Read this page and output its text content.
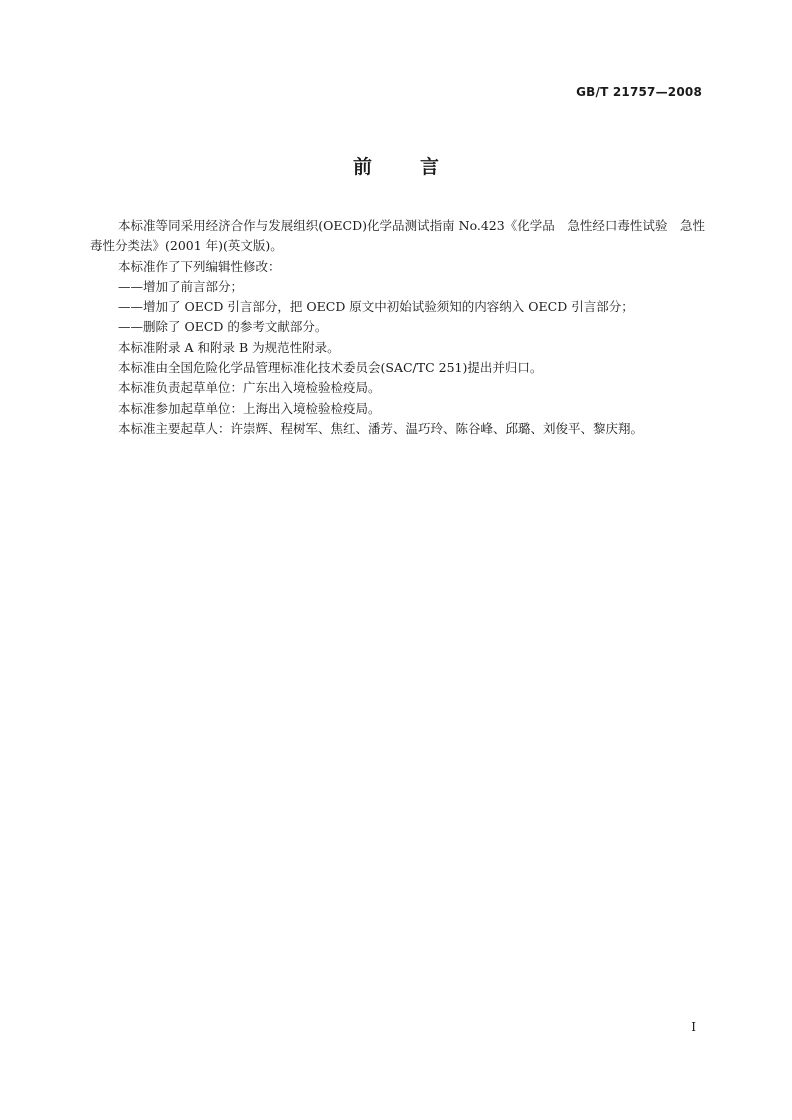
GB/T 21757—2008
前	言

本标准等同采用经济合作与发展组织(OECD)化学品测试指南 No.423《化学品　急性经口毒性试验　急性毒性分类法》(2001 年)(英文版)。

本标准作了下列编辑性修改：

——增加了前言部分；

——增加了 OECD 引言部分，把 OECD 原文中初始试验须知的内容纳入 OECD 引言部分；

——删除了 OECD 的参考文献部分。

本标准附录 A 和附录 B 为规范性附录。

本标准由全国危险化学品管理标准化技术委员会(SAC/TC 251)提出并归口。

本标准负责起草单位：广东出入境检验检疫局。

本标准参加起草单位：上海出入境检验检疫局。

本标准主要起草人：许崇辉、程树军、焦红、潘芳、温巧玲、陈谷峰、邱璐、刘俊平、黎庆翔。

I
